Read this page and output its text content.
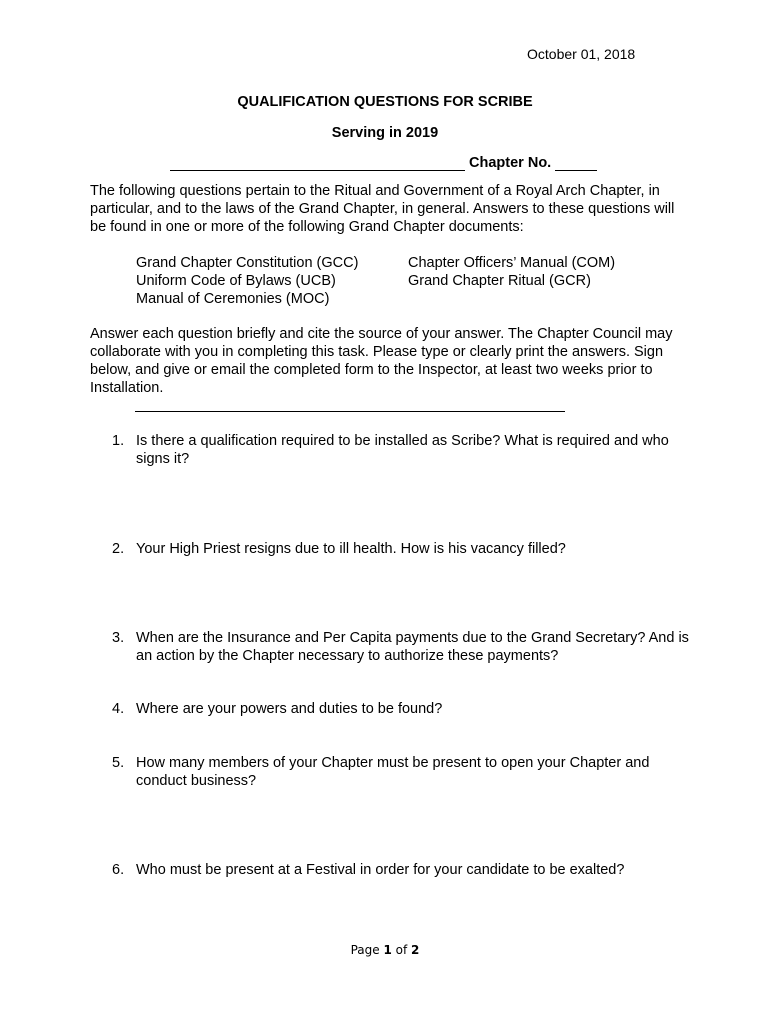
October 01, 2018
QUALIFICATION QUESTIONS FOR SCRIBE
Serving in 2019
Chapter No.

The following questions pertain to the Ritual and Government of a Royal Arch Chapter, in particular, and to the laws of the Grand Chapter, in general. Answers to these questions will be found in one or more of the following Grand Chapter documents:

Grand Chapter Constitution (GCC)
Uniform Code of Bylaws (UCB)
Manual of Ceremonies (MOC)
Chapter Officers’ Manual (COM)
Grand Chapter Ritual (GCR)

Answer each question briefly and cite the source of your answer. The Chapter Council may collaborate with you in completing this task. Please type or clearly print the answers. Sign below, and give or email the completed form to the Inspector, at least two weeks prior to Installation.

1. Is there a qualification required to be installed as Scribe? What is required and who signs it?
2. Your High Priest resigns due to ill health. How is his vacancy filled?
3. When are the Insurance and Per Capita payments due to the Grand Secretary? And is an action by the Chapter necessary to authorize these payments?
4. Where are your powers and duties to be found?
5. How many members of your Chapter must be present to open your Chapter and conduct business?
6. Who must be present at a Festival in order for your candidate to be exalted?
Page 1 of 2
